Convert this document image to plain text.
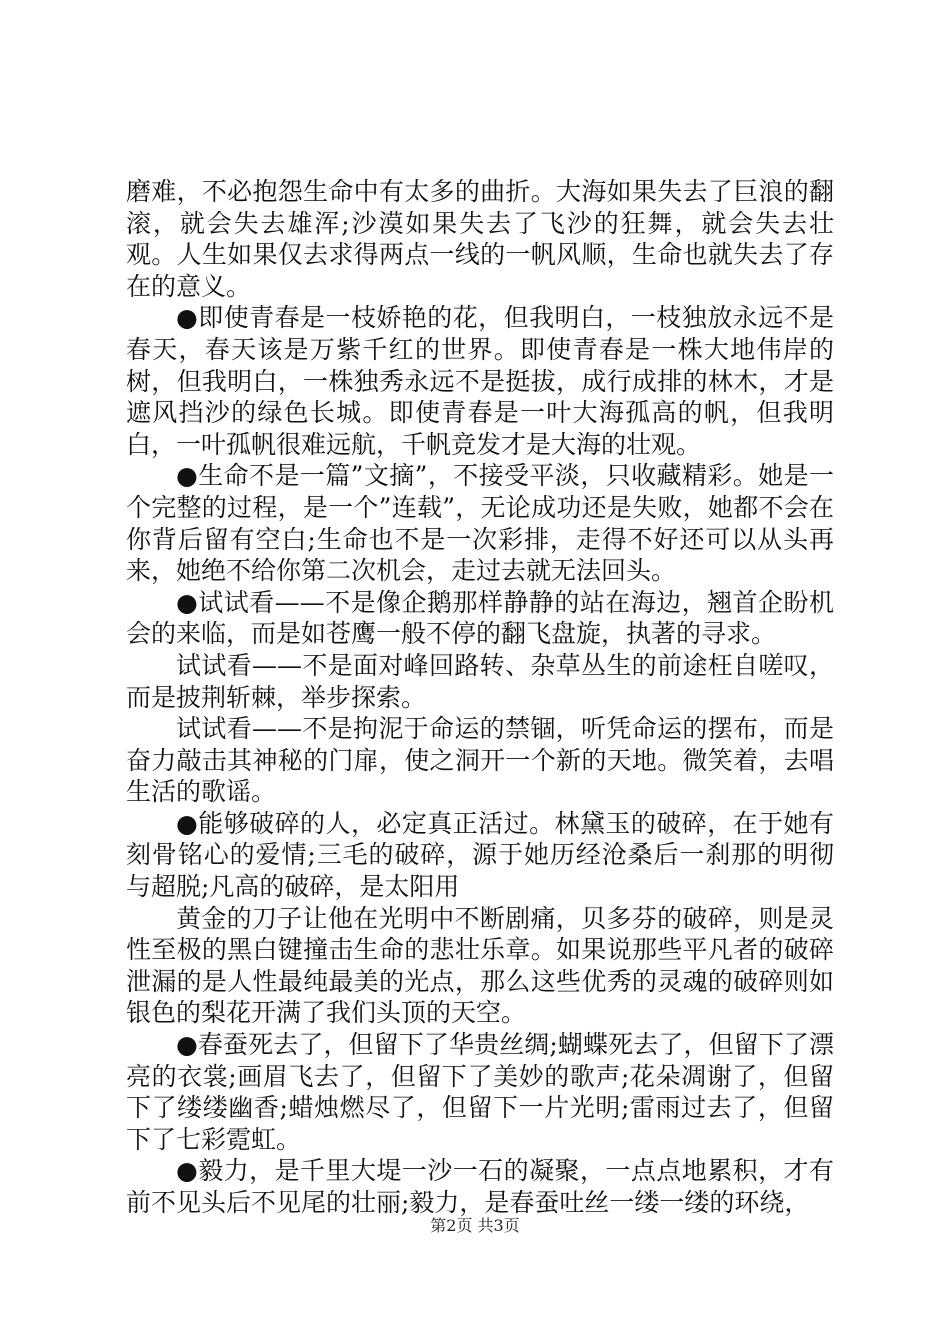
磨难，不必抱怨生命中有太多的曲折。大海如果失去了巨浪的翻滚，就会失去雄浑;沙漠如果失去了飞沙的狂舞，就会失去壮观。人生如果仅去求得两点一线的一帆风顺，生命也就失去了存在的意义。

●即使青春是一枝娇艳的花，但我明白，一枝独放永远不是春天，春天该是万紫千红的世界。即使青春是一株大地伟岸的树，但我明白，一株独秀永远不是挺拔，成行成排的林木，才是遮风挡沙的绿色长城。即使青春是一叶大海孤高的帆，但我明白，一叶孤帆很难远航，千帆竞发才是大海的壮观。

●生命不是一篇”文摘”，不接受平淡，只收藏精彩。她是一个完整的过程，是一个”连载”，无论成功还是失败，她都不会在你背后留有空白;生命也不是一次彩排，走得不好还可以从头再来，她绝不给你第二次机会，走过去就无法回头。

●试试看——不是像企鹅那样静静的站在海边，翘首企盼机会的来临，而是如苍鹰一般不停的翻飞盘旋，执著的寻求。

试试看——不是面对峰回路转、杂草丛生的前途枉自嗟叹，而是披荆斩棘，举步探索。

试试看——不是拘泥于命运的禁锢，听凭命运的摆布，而是奋力敲击其神秘的门扉，使之洞开一个新的天地。微笑着，去唱生活的歌谣。

●能够破碎的人，必定真正活过。林黛玉的破碎，在于她有刻骨铭心的爱情;三毛的破碎，源于她历经沧桑后一刹那的明彻与超脱;凡高的破碎，是太阳用

黄金的刀子让他在光明中不断剧痛，贝多芬的破碎，则是灵性至极的黑白键撞击生命的悲壮乐章。如果说那些平凡者的破碎泄漏的是人性最纯最美的光点，那么这些优秀的灵魂的破碎则如银色的梨花开满了我们头顶的天空。

●春蚕死去了，但留下了华贵丝绸;蝴蝶死去了，但留下了漂亮的衣裳;画眉飞去了，但留下了美妙的歌声;花朵凋谢了，但留下了缕缕幽香;蜡烛燃尽了，但留下一片光明;雷雨过去了，但留下了七彩霓虹。

●毅力，是千里大堤一沙一石的凝聚，一点点地累积，才有前不见头后不见尾的壮丽;毅力，是春蚕吐丝一缕一缕的环绕，

第2页 共3页
